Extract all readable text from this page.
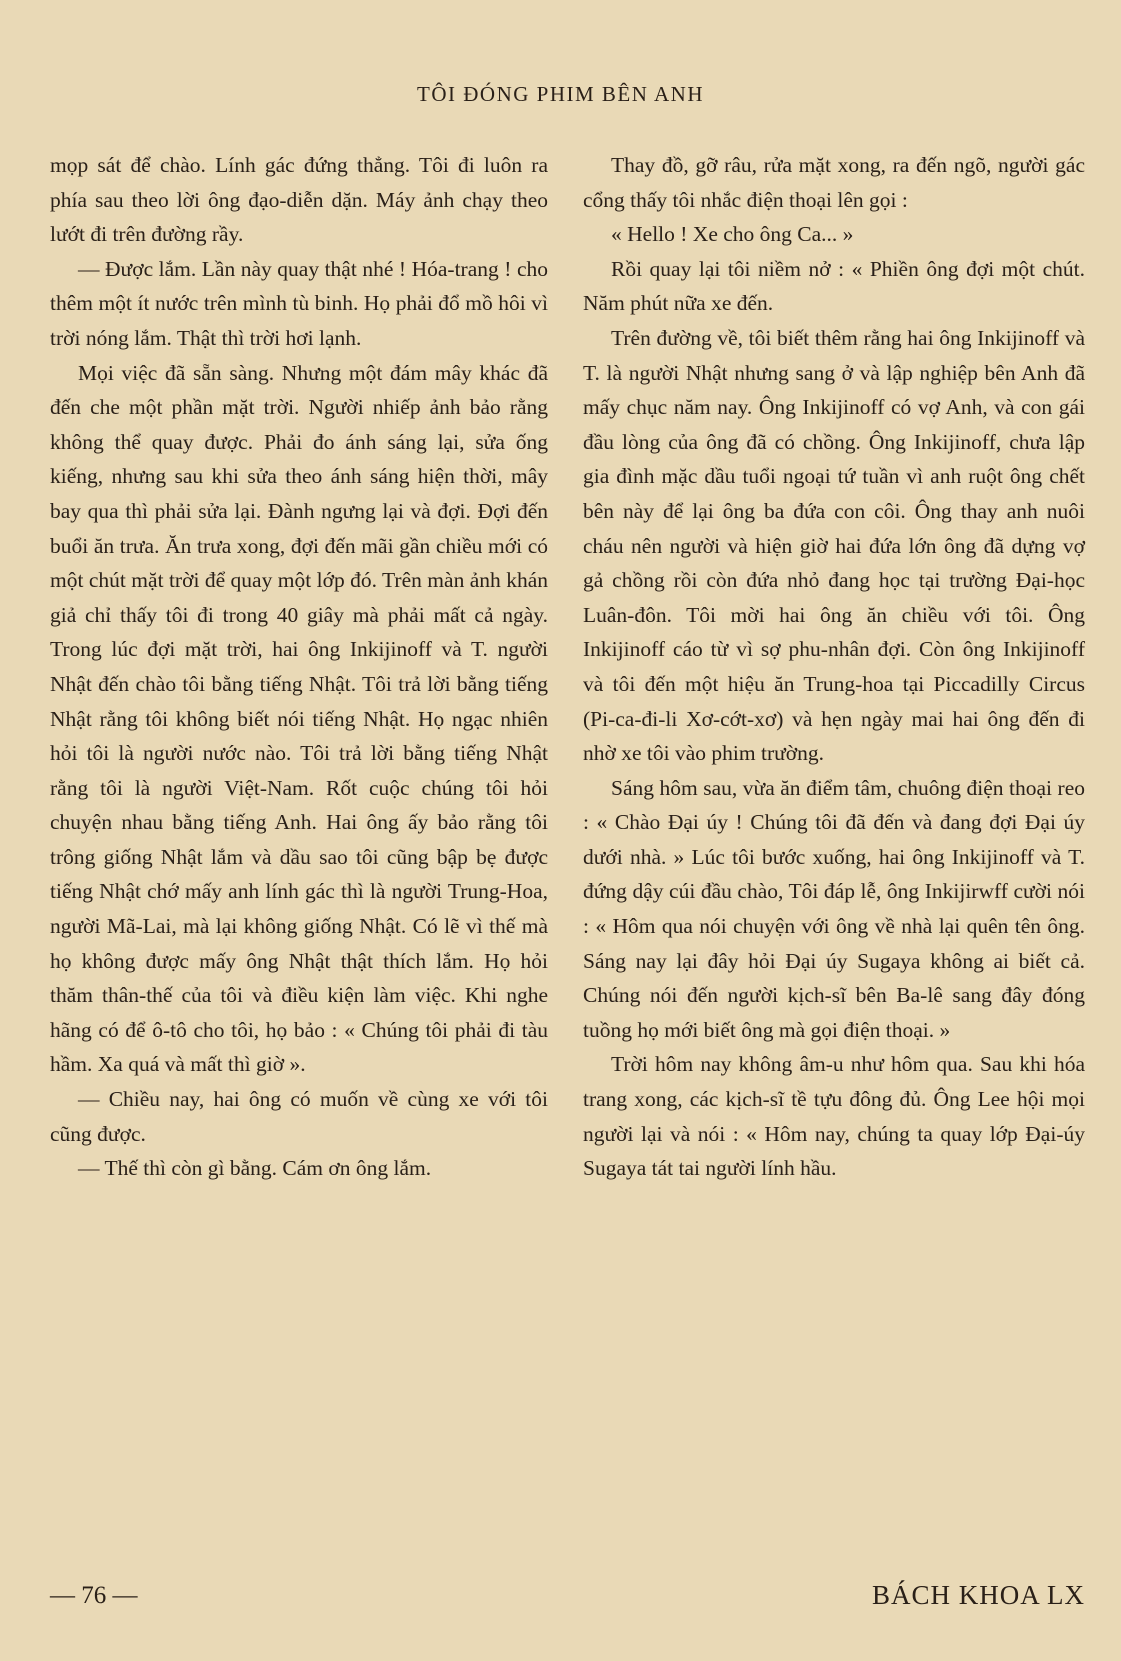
TÔI ĐÓNG PHIM BÊN ANH

mọp sát để chào. Lính gác đứng thẳng. Tôi đi luôn ra phía sau theo lời ông đạo-diễn dặn. Máy ảnh chạy theo lướt đi trên đường rầy.

— Được lắm. Lần này quay thật nhé ! Hóa-trang ! cho thêm một ít nước trên mình tù binh. Họ phải đổ mồ hôi vì trời nóng lắm. Thật thì trời hơi lạnh.

Mọi việc đã sẵn sàng. Nhưng một đám mây khác đã đến che một phần mặt trời. Người nhiếp ảnh bảo rằng không thể quay được. Phải đo ánh sáng lại, sửa ống kiếng, nhưng sau khi sửa theo ánh sáng hiện thời, mây bay qua thì phải sửa lại. Đành ngưng lại và đợi. Đợi đến buổi ăn trưa. Ăn trưa xong, đợi đến mãi gần chiều mới có một chút mặt trời để quay một lớp đó. Trên màn ảnh khán giả chỉ thấy tôi đi trong 40 giây mà phải mất cả ngày. Trong lúc đợi mặt trời, hai ông Inkijinoff và T. người Nhật đến chào tôi bằng tiếng Nhật. Tôi trả lời bằng tiếng Nhật rằng tôi không biết nói tiếng Nhật. Họ ngạc nhiên hỏi tôi là người nước nào. Tôi trả lời bằng tiếng Nhật rằng tôi là người Việt-Nam. Rốt cuộc chúng tôi hỏi chuyện nhau bằng tiếng Anh. Hai ông ấy bảo rằng tôi trông giống Nhật lắm và dầu sao tôi cũng bập bẹ được tiếng Nhật chớ mấy anh lính gác thì là người Trung-Hoa, người Mã-Lai, mà lại không giống Nhật. Có lẽ vì thế mà họ không được mấy ông Nhật thật thích lắm. Họ hỏi thăm thân-thế của tôi và điều kiện làm việc. Khi nghe hãng có để ô-tô cho tôi, họ bảo : « Chúng tôi phải đi tàu hầm. Xa quá và mất thì giờ ».

— Chiều nay, hai ông có muốn về cùng xe với tôi cũng được.

— Thế thì còn gì bằng. Cám ơn ông lắm.

Thay đồ, gỡ râu, rửa mặt xong, ra đến ngõ, người gác cổng thấy tôi nhắc điện thoại lên gọi :

« Hello ! Xe cho ông Ca... »

Rồi quay lại tôi niềm nở : « Phiền ông đợi một chút. Năm phút nữa xe đến.

Trên đường về, tôi biết thêm rằng hai ông Inkijinoff và T. là người Nhật nhưng sang ở và lập nghiệp bên Anh đã mấy chục năm nay. Ông Inkijinoff có vợ Anh, và con gái đầu lòng của ông đã có chồng. Ông Inkijinoff, chưa lập gia đình mặc dầu tuổi ngoại tứ tuần vì anh ruột ông chết bên này để lại ông ba đứa con côi. Ông thay anh nuôi cháu nên người và hiện giờ hai đứa lớn ông đã dựng vợ gả chồng rồi còn đứa nhỏ đang học tại trường Đại-học Luân-đôn. Tôi mời hai ông ăn chiều với tôi. Ông Inkijinoff cáo từ vì sợ phu-nhân đợi. Còn ông Inkijinoff và tôi đến một hiệu ăn Trung-hoa tại Piccadilly Circus (Pi-ca-đi-li Xơ-cớt-xơ) và hẹn ngày mai hai ông đến đi nhờ xe tôi vào phim trường.

Sáng hôm sau, vừa ăn điểm tâm, chuông điện thoại reo : « Chào Đại úy ! Chúng tôi đã đến và đang đợi Đại úy dưới nhà. » Lúc tôi bước xuống, hai ông Inkijinoff và T. đứng dậy cúi đầu chào, Tôi đáp lễ, ông Inkijirwff cười nói : « Hôm qua nói chuyện với ông về nhà lại quên tên ông. Sáng nay lại đây hỏi Đại úy Sugaya không ai biết cả. Chúng nói đến người kịch-sĩ bên Ba-lê sang đây đóng tuồng họ mới biết ông mà gọi điện thoại. »

Trời hôm nay không âm-u như hôm qua. Sau khi hóa trang xong, các kịch-sĩ tề tựu đông đủ. Ông Lee hội mọi người lại và nói : « Hôm nay, chúng ta quay lớp Đại-úy Sugaya tát tai người lính hầu.

— 76 —	BÁCH KHOA LX
